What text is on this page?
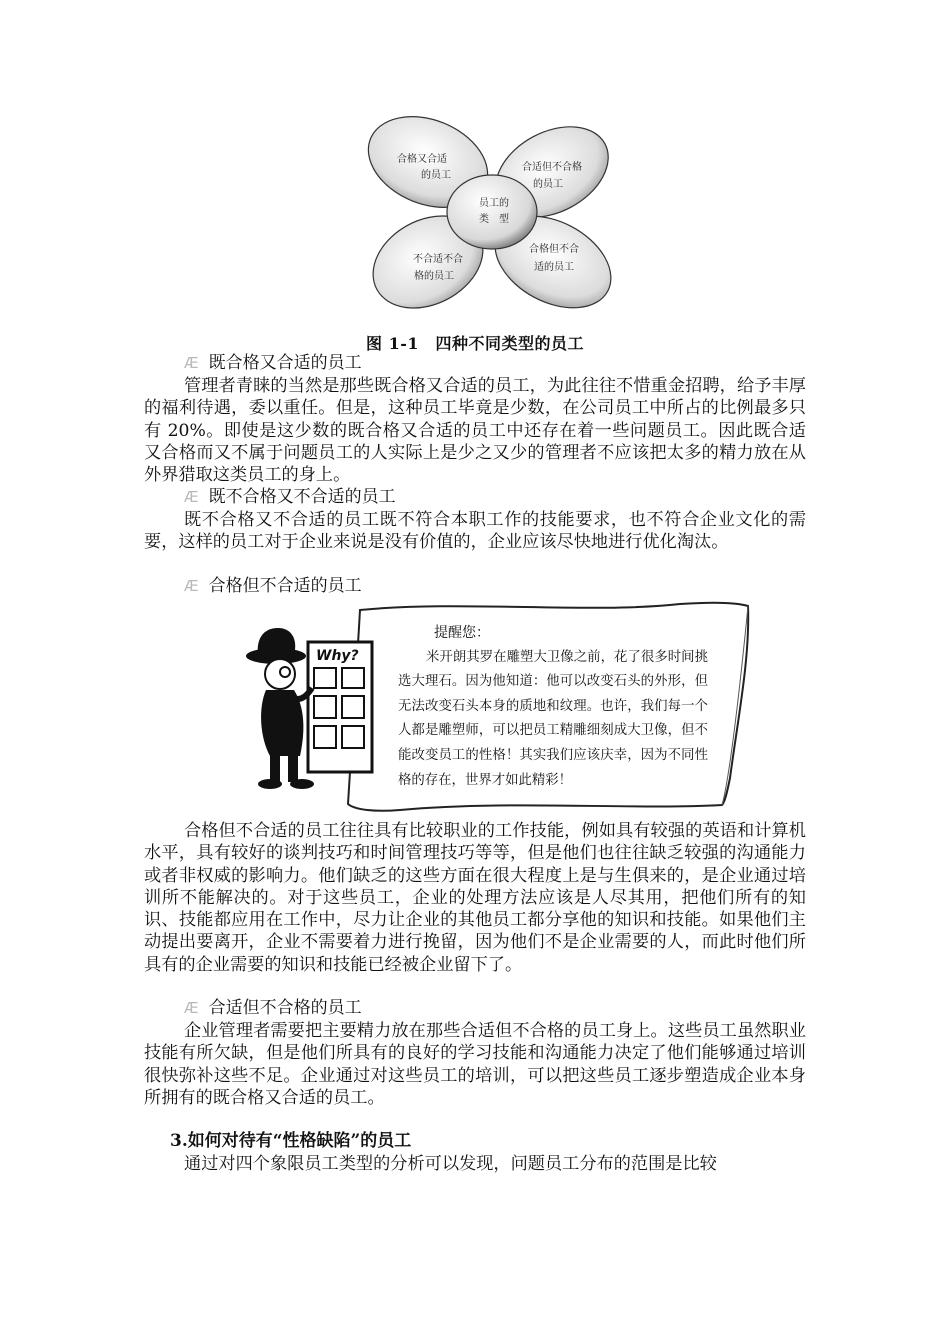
员工的
类　型
合格又合适
的员工
合适但不合格
的员工
不合适不合
格的员工
合格但不合
适的员工
图 1-1　四种不同类型的员工
Æ 既合格又合适的员工

管理者青睐的当然是那些既合格又合适的员工，为此往往不惜重金招聘，给予丰厚的福利待遇，委以重任。但是，这种员工毕竟是少数，在公司员工中所占的比例最多只有 20%。即使是这少数的既合格又合适的员工中还存在着一些问题员工。因此既合适又合格而又不属于问题员工的人实际上是少之又少的管理者不应该把太多的精力放在从外界猎取这类员工的身上。

Æ 既不合格又不合适的员工

既不合格又不合适的员工既不符合本职工作的技能要求，也不符合企业文化的需要，这样的员工对于企业来说是没有价值的，企业应该尽快地进行优化淘汰。

Æ 合格但不合适的员工
Why?
提醒您：
米开朗其罗在雕塑大卫像之前，花了很多时间挑选大理石。因为他知道：他可以改变石头的外形，但无法改变石头本身的质地和纹理。也许，我们每一个人都是雕塑师，可以把员工精雕细刻成大卫像，但不能改变员工的性格！其实我们应该庆幸，因为不同性格的存在，世界才如此精彩！

合格但不合适的员工往往具有比较职业的工作技能，例如具有较强的英语和计算机水平，具有较好的谈判技巧和时间管理技巧等等，但是他们也往往缺乏较强的沟通能力或者非权威的影响力。他们缺乏的这些方面在很大程度上是与生俱来的，是企业通过培训所不能解决的。对于这些员工，企业的处理方法应该是人尽其用，把他们所有的知识、技能都应用在工作中，尽力让企业的其他员工都分享他的知识和技能。如果他们主动提出要离开，企业不需要着力进行挽留，因为他们不是企业需要的人，而此时他们所具有的企业需要的知识和技能已经被企业留下了。

Æ 合适但不合格的员工

企业管理者需要把主要精力放在那些合适但不合格的员工身上。这些员工虽然职业技能有所欠缺，但是他们所具有的良好的学习技能和沟通能力决定了他们能够通过培训很快弥补这些不足。企业通过对这些员工的培训，可以把这些员工逐步塑造成企业本身所拥有的既合格又合适的员工。

3.如何对待有“性格缺陷”的员工

通过对四个象限员工类型的分析可以发现，问题员工分布的范围是比较
